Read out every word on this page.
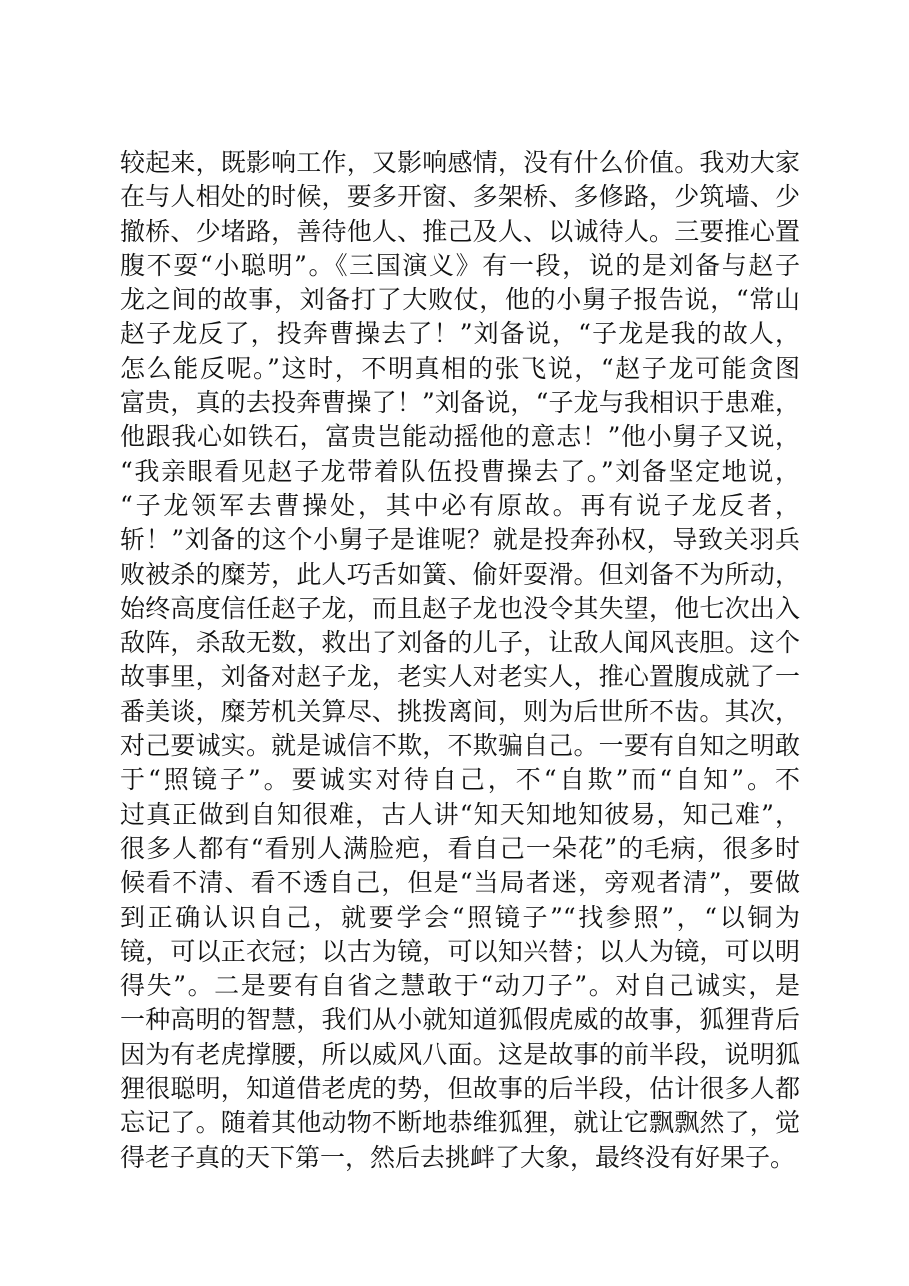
较起来，既影响工作，又影响感情，没有什么价值。我劝大家
在与人相处的时候，要多开窗、多架桥、多修路，少筑墙、少
撤桥、少堵路，善待他人、推己及人、以诚待人。三要推心置
腹不耍“小聪明”。《三国演义》有一段，说的是刘备与赵子
龙之间的故事，刘备打了大败仗，他的小舅子报告说，“常山
赵子龙反了，投奔曹操去了！”刘备说，“子龙是我的故人，
怎么能反呢。”这时，不明真相的张飞说，“赵子龙可能贪图
富贵，真的去投奔曹操了！”刘备说，“子龙与我相识于患难，
他跟我心如铁石，富贵岂能动摇他的意志！”他小舅子又说，
“我亲眼看见赵子龙带着队伍投曹操去了。”刘备坚定地说，
“子龙领军去曹操处，其中必有原故。再有说子龙反者，
斩！”刘备的这个小舅子是谁呢？就是投奔孙权，导致关羽兵
败被杀的糜芳，此人巧舌如簧、偷奸耍滑。但刘备不为所动，
始终高度信任赵子龙，而且赵子龙也没令其失望，他七次出入
敌阵，杀敌无数，救出了刘备的儿子，让敌人闻风丧胆。这个
故事里，刘备对赵子龙，老实人对老实人，推心置腹成就了一
番美谈，糜芳机关算尽、挑拨离间，则为后世所不齿。其次，
对己要诚实。就是诚信不欺，不欺骗自己。一要有自知之明敢
于“照镜子”。要诚实对待自己，不“自欺”而“自知”。不
过真正做到自知很难，古人讲“知天知地知彼易，知己难”，
很多人都有“看别人满脸疤，看自己一朵花”的毛病，很多时
候看不清、看不透自己，但是“当局者迷，旁观者清”，要做
到正确认识自己，就要学会“照镜子”“找参照”，“以铜为
镜，可以正衣冠；以古为镜，可以知兴替；以人为镜，可以明
得失”。二是要有自省之慧敢于“动刀子”。对自己诚实，是
一种高明的智慧，我们从小就知道狐假虎威的故事，狐狸背后
因为有老虎撑腰，所以威风八面。这是故事的前半段，说明狐
狸很聪明，知道借老虎的势，但故事的后半段，估计很多人都
忘记了。随着其他动物不断地恭维狐狸，就让它飘飘然了，觉
得老子真的天下第一，然后去挑衅了大象，最终没有好果子。
